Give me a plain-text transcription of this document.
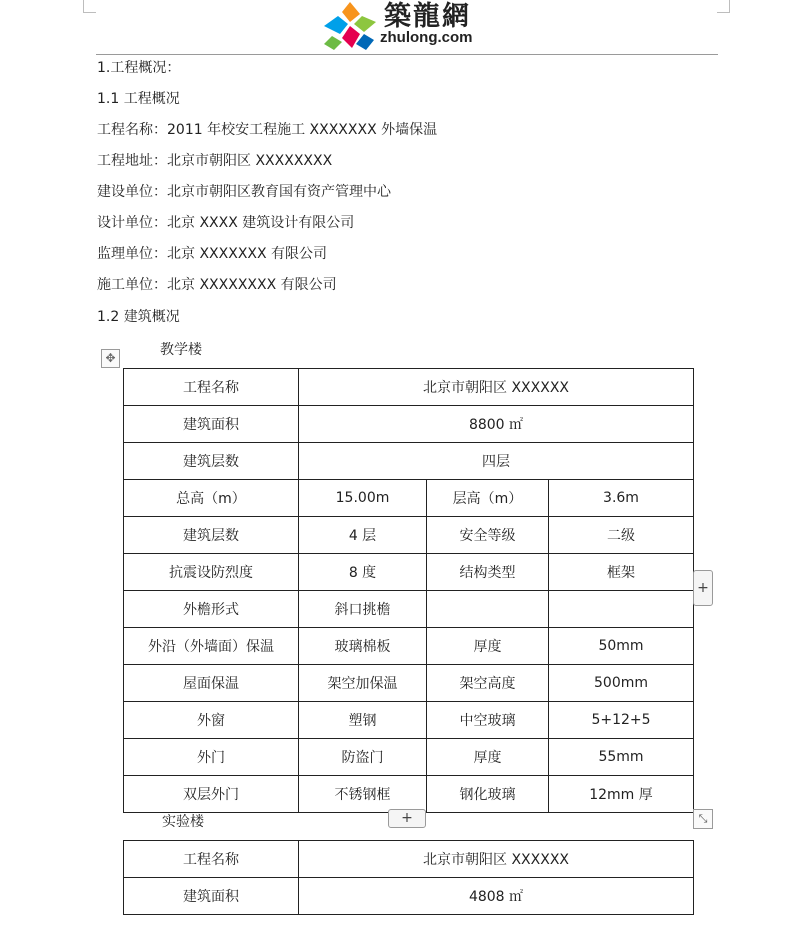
築龍網
zhulong.com
1.工程概况：
1.1 工程概况
工程名称：2011 年校安工程施工 XXXXXXX 外墙保温
工程地址：北京市朝阳区 XXXXXXXX
建设单位：北京市朝阳区教育国有资产管理中心
设计单位：北京 XXXX 建筑设计有限公司
监理单位：北京 XXXXXXX 有限公司
施工单位：北京 XXXXXXXX 有限公司
1.2 建筑概况
✥	教学楼
工程名称	北京市朝阳区 XXXXXX		
建筑面积	8800 ㎡		
建筑层数	四层		
总高（m）	15.00m	层高（m）	3.6m
建筑层数	4 层	安全等级	二级
抗震设防烈度	8 度	结构类型	框架
外檐形式	斜口挑檐		
外沿（外墙面）保温	玻璃棉板	厚度	50mm
屋面保温	架空加保温	架空高度	500mm
外窗	塑钢	中空玻璃	5+12+5
外门	防盗门	厚度	55mm
双层外门	不锈钢框	钢化玻璃	12mm 厚
+
+	⤡
实验楼
工程名称	北京市朝阳区 XXXXXX
建筑面积	4808 ㎡
